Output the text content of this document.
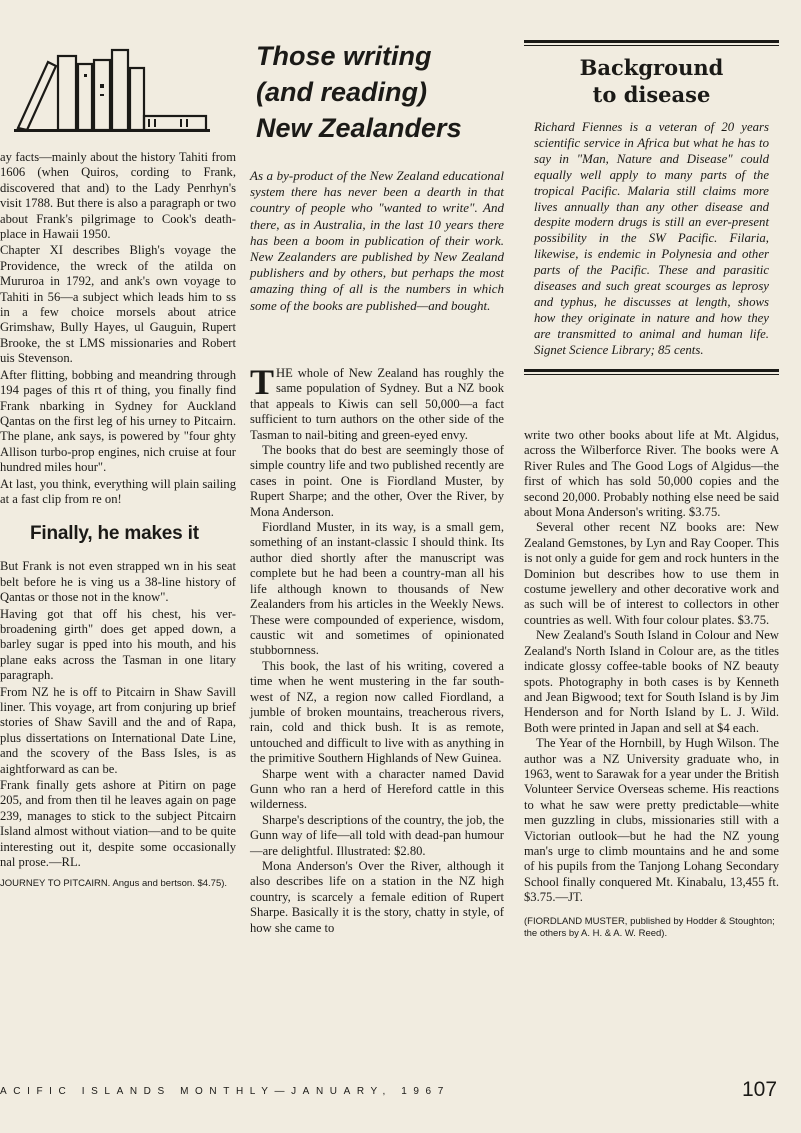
ay facts—mainly about the history Tahiti from 1606 (when Quiros, cording to Frank, discovered that and) to the Lady Penrhyn's visit 1788. But there is also a paragraph or two about Frank's pilgrimage to Cook's death-place in Hawaii 1950.

Chapter XI describes Bligh's voyage the Providence, the wreck of the atilda on Mururoa in 1792, and ank's own voyage to Tahiti in 56—a subject which leads him to ss in a few choice morsels about atrice Grimshaw, Bully Hayes, ul Gauguin, Rupert Brooke, the st LMS missionaries and Robert uis Stevenson.

After flitting, bobbing and meandring through 194 pages of this rt of thing, you finally find Frank nbarking in Sydney for Auckland Qantas on the first leg of his urney to Pitcairn. The plane, ank says, is powered by "four ghty Allison turbo-prop engines, nich cruise at four hundred miles hour".

At last, you think, everything will plain sailing at a fast clip from re on!

Finally, he makes it

But Frank is not even strapped wn in his seat belt before he is ving us a 38-line history of Qantas or those not in the know".

Having got that off his chest, his ver-broadening girth" does get apped down, a barley sugar is pped into his mouth, and his plane eaks across the Tasman in one litary paragraph.

From NZ he is off to Pitcairn in Shaw Savill liner. This voyage, art from conjuring up brief stories of Shaw Savill and the and of Rapa, plus dissertations on International Date Line, and the scovery of the Bass Isles, is as aightforward as can be.

Frank finally gets ashore at Pitirn on page 205, and from then til he leaves again on page 239, manages to stick to the subject Pitcairn Island almost without viation—and to be quite interesting out it, despite some occasionally nal prose.—RL.

JOURNEY TO PITCAIRN. Angus and bertson. $4.75).

Those writing

(and reading)

New Zealanders

As a by-product of the New Zealand educational system there has never been a dearth in that country of people who "wanted to write". And there, as in Australia, in the last 10 years there has been a boom in publication of their work. New Zealanders are published by New Zealand publishers and by others, but perhaps the most amazing thing of all is the numbers in which some of the books are published—and bought.

THE whole of New Zealand has roughly the same population of Sydney. But a NZ book that appeals to Kiwis can sell 50,000—a fact sufficient to turn authors on the other side of the Tasman to nail-biting and green-eyed envy.

The books that do best are seemingly those of simple country life and two published recently are cases in point. One is Fiordland Muster, by Rupert Sharpe; and the other, Over the River, by Mona Anderson.

Fiordland Muster, in its way, is a small gem, something of an instant-classic I should think. Its author died shortly after the manuscript was complete but he had been a country-man all his life although known to thousands of New Zealanders from his articles in the Weekly News. These were compounded of experience, wisdom, caustic wit and sometimes of opinionated stubbornness.

This book, the last of his writing, covered a time when he went mustering in the far south-west of NZ, a region now called Fiordland, a jumble of broken mountains, treacherous rivers, rain, cold and thick bush. It is as remote, untouched and difficult to live with as anything in the primitive Southern Highlands of New Guinea.

Sharpe went with a character named David Gunn who ran a herd of Hereford cattle in this wilderness.

Sharpe's descriptions of the country, the job, the Gunn way of life—all told with dead-pan humour—are delightful. Illustrated: $2.80.

Mona Anderson's Over the River, although it also describes life on a station in the NZ high country, is scarcely a female edition of Rupert Sharpe. Basically it is the story, chatty in style, of how she came to

Background

to disease

Richard Fiennes is a veteran of 20 years scientific service in Africa but what he has to say in "Man, Nature and Disease" could equally well apply to many parts of the tropical Pacific. Malaria still claims more lives annually than any other disease and despite modern drugs is still an ever-present possibility in the SW Pacific. Filaria, likewise, is endemic in Polynesia and other parts of the Pacific. These and parasitic diseases and such great scourges as leprosy and typhus, he discusses at length, shows how they originate in nature and how they are transmitted to animal and human life. Signet Science Library; 85 cents.

write two other books about life at Mt. Algidus, across the Wilberforce River. The books were A River Rules and The Good Logs of Algidus—the first of which has sold 50,000 copies and the second 20,000. Probably nothing else need be said about Mona Anderson's writing. $3.75.

Several other recent NZ books are: New Zealand Gemstones, by Lyn and Ray Cooper. This is not only a guide for gem and rock hunters in the Dominion but describes how to use them in costume jewellery and other decorative work and as such will be of interest to collectors in other countries as well. With four colour plates. $3.75.

New Zealand's South Island in Colour and New Zealand's North Island in Colour are, as the titles indicate glossy coffee-table books of NZ beauty spots. Photography in both cases is by Kenneth and Jean Bigwood; text for South Island is by Jim Henderson and for North Island by L. J. Wild. Both were printed in Japan and sell at $4 each.

The Year of the Hornbill, by Hugh Wilson. The author was a NZ University graduate who, in 1963, went to Sarawak for a year under the British Volunteer Service Overseas scheme. His reactions to what he saw were pretty predictable—white men guzzling in clubs, missionaries still with a Victorian outlook—but he had the NZ young man's urge to climb mountains and he and some of his pupils from the Tanjong Lohang Secondary School finally conquered Mt. Kinabalu, 13,455 ft. $3.75.—JT.

(FIORDLAND MUSTER, published by Hodder & Stoughton; the others by A. H. & A. W. Reed).

ACIFIC ISLANDS MONTHLY—JANUARY, 1967	107
